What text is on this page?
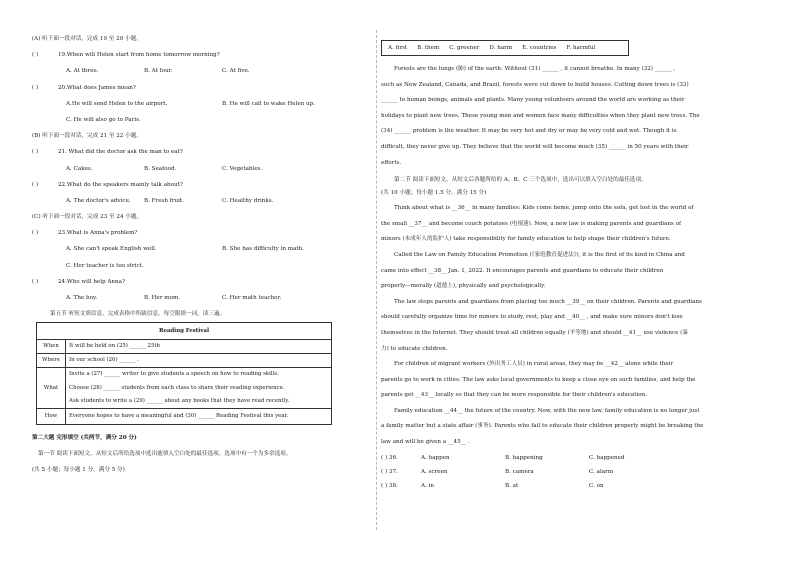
(A) 听下面一段对话，完成 19 至 20 小题。

( )	19.When will Helen start from home tomorrow morning?
A. At three.	B. At four.	C. At five.
( )	20.What does James mean?
A.He will send Helen to the airport.	B. He will call to wake Helen up.
C. He will also go to Paris.

(B) 听下面一段对话，完成 21 至 22 小题。

( )	21. What did the doctor ask the man to eat?
A. Cakes.	B. Seafood.	C. Vegetables.
( )	22.What do the speakers mainly talk about?
A. The doctor's advice.	B. Fresh fruit.	C. Healthy drinks.

(C) 听下面一段对话，完成 23 至 24 小题。

( )	23.What is Anna's problem?
A. She can't speak English well.	B. She has difficulty in math.
C. Her teacher is too strict.
( )	24.Who will help Anna?
A. The boy.	B. Her mom.	C. Her math teacher.

第五节 听短文填信息，完成表格中所缺信息，每空限填一词，读三遍。

Reading Festival	
When	It will be held on (25) ______ 25th
Where	In our school (26) ______ .
What	Invite a (27) ______ writer to give students a speech on how to reading skills.
Choose (28) ______ students from each class to share their reading experience.
Ask students to write a (29) ______ about any books that they have read recently.

How	Everyone hopes to have a meaningful and (30) ______ Reading Festival this year.

第二大题 完形填空 (共两节，满分 20 分)

第一节 阅读下面短文，从短文后所给选项中选出能填入空白处的最佳选项。选项中有一个为多余选项。

(共 5 小题；每小题 1 分，满分 5 分)

A. first B. them C. greener D. harm E. countries F. harmful

Forests are the lungs (肺) of the earth. Without (31) ______ , it cannot breathe. In many (32) ______ ,

such as New Zealand, Canada, and Brazil, forests were cut down to build houses. Cutting down trees is (33)

______ to human beings, animals and plants. Many young volunteers around the world are working as their

holidays to plant new trees. These young men and women face many difficulties when they plant new trees. The

(34) ______ problem is the weather. It may be very hot and dry or may be very cold and wet. Though it is

difficult, they never give up. They believe that the world will become much (35) ______ in 50 years with their

efforts.

第二节 阅读下面短文，从短文后各题所给的 A、B、C 三个选项中，选出可以填入空白处的最佳选项。

(共 10 小题；每小题 1.5 分，满分 15 分)

Think about what is __36__ in many families: Kids come home, jump onto the sofa, get lost in the world of

the small __37__ and become couch potatoes (电视迷). Now, a new law is making parents and guardians of

minors (未成年人的监护人) take responsibility for family education to help shape their children's future.

Called the Law on Family Education Promotion (《家庭教育促进法》), it is the first of its kind in China and

came into effect __38__ Jan. 1, 2022. It encourages parents and guardians to educate their children

properly—morally (道德上), physically and psychologically.

The law stops parents and guardians from placing too much __39__ on their children. Parents and guardians

should carefully organize time for minors to study, rest, play and __40__ , and make sure minors don't lose

themselves in the Internet. They should treat all children equally (平等地) and should __41__ use violence (暴

力) to educate children.

For children of migrant workers (外出务工人员) in rural areas, they may be __42__ alone while their

parents go to work in cities. The law asks local governments to keep a close eye on such families, and help the

parents get __43__ locally so that they can be more responsible for their children's education.

Family education __44__ the future of the country. Now, with the new law, family education is no longer just

a family matter but a state affair (事务). Parents who fail to educate their children properly might be breaking the

law and will be given a __45__ .

( ) 36.	A. happen	B. happening	C. happened
( ) 37.	A. screen	B. camera	C. alarm
( ) 38.	A. in	B. at	C. on
